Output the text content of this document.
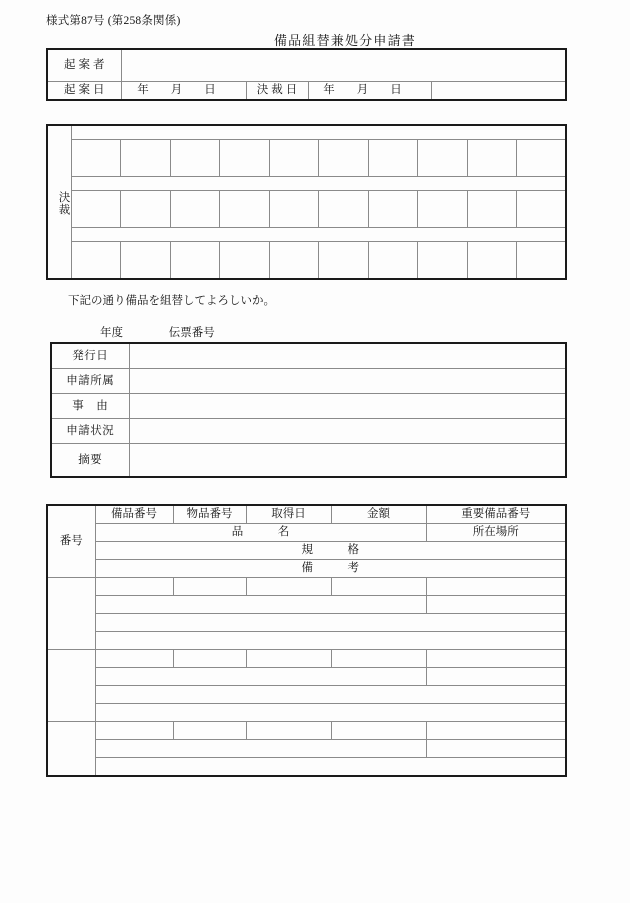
様式第87号 (第258条関係)
備品組替兼処分申請書
起案者				
起案日	年 月 日	決裁日	年 月 日	

決裁										

下記の通り備品を組替してよろしいか。
年度	伝票番号
発行日	
申請所属	
事　由	
申請状況	
摘要	
番号	備品番号	物品番号	取得日	金額	重要備品番号
	品　　　名				所在場所
	規　　　格				
	備　　　考				
